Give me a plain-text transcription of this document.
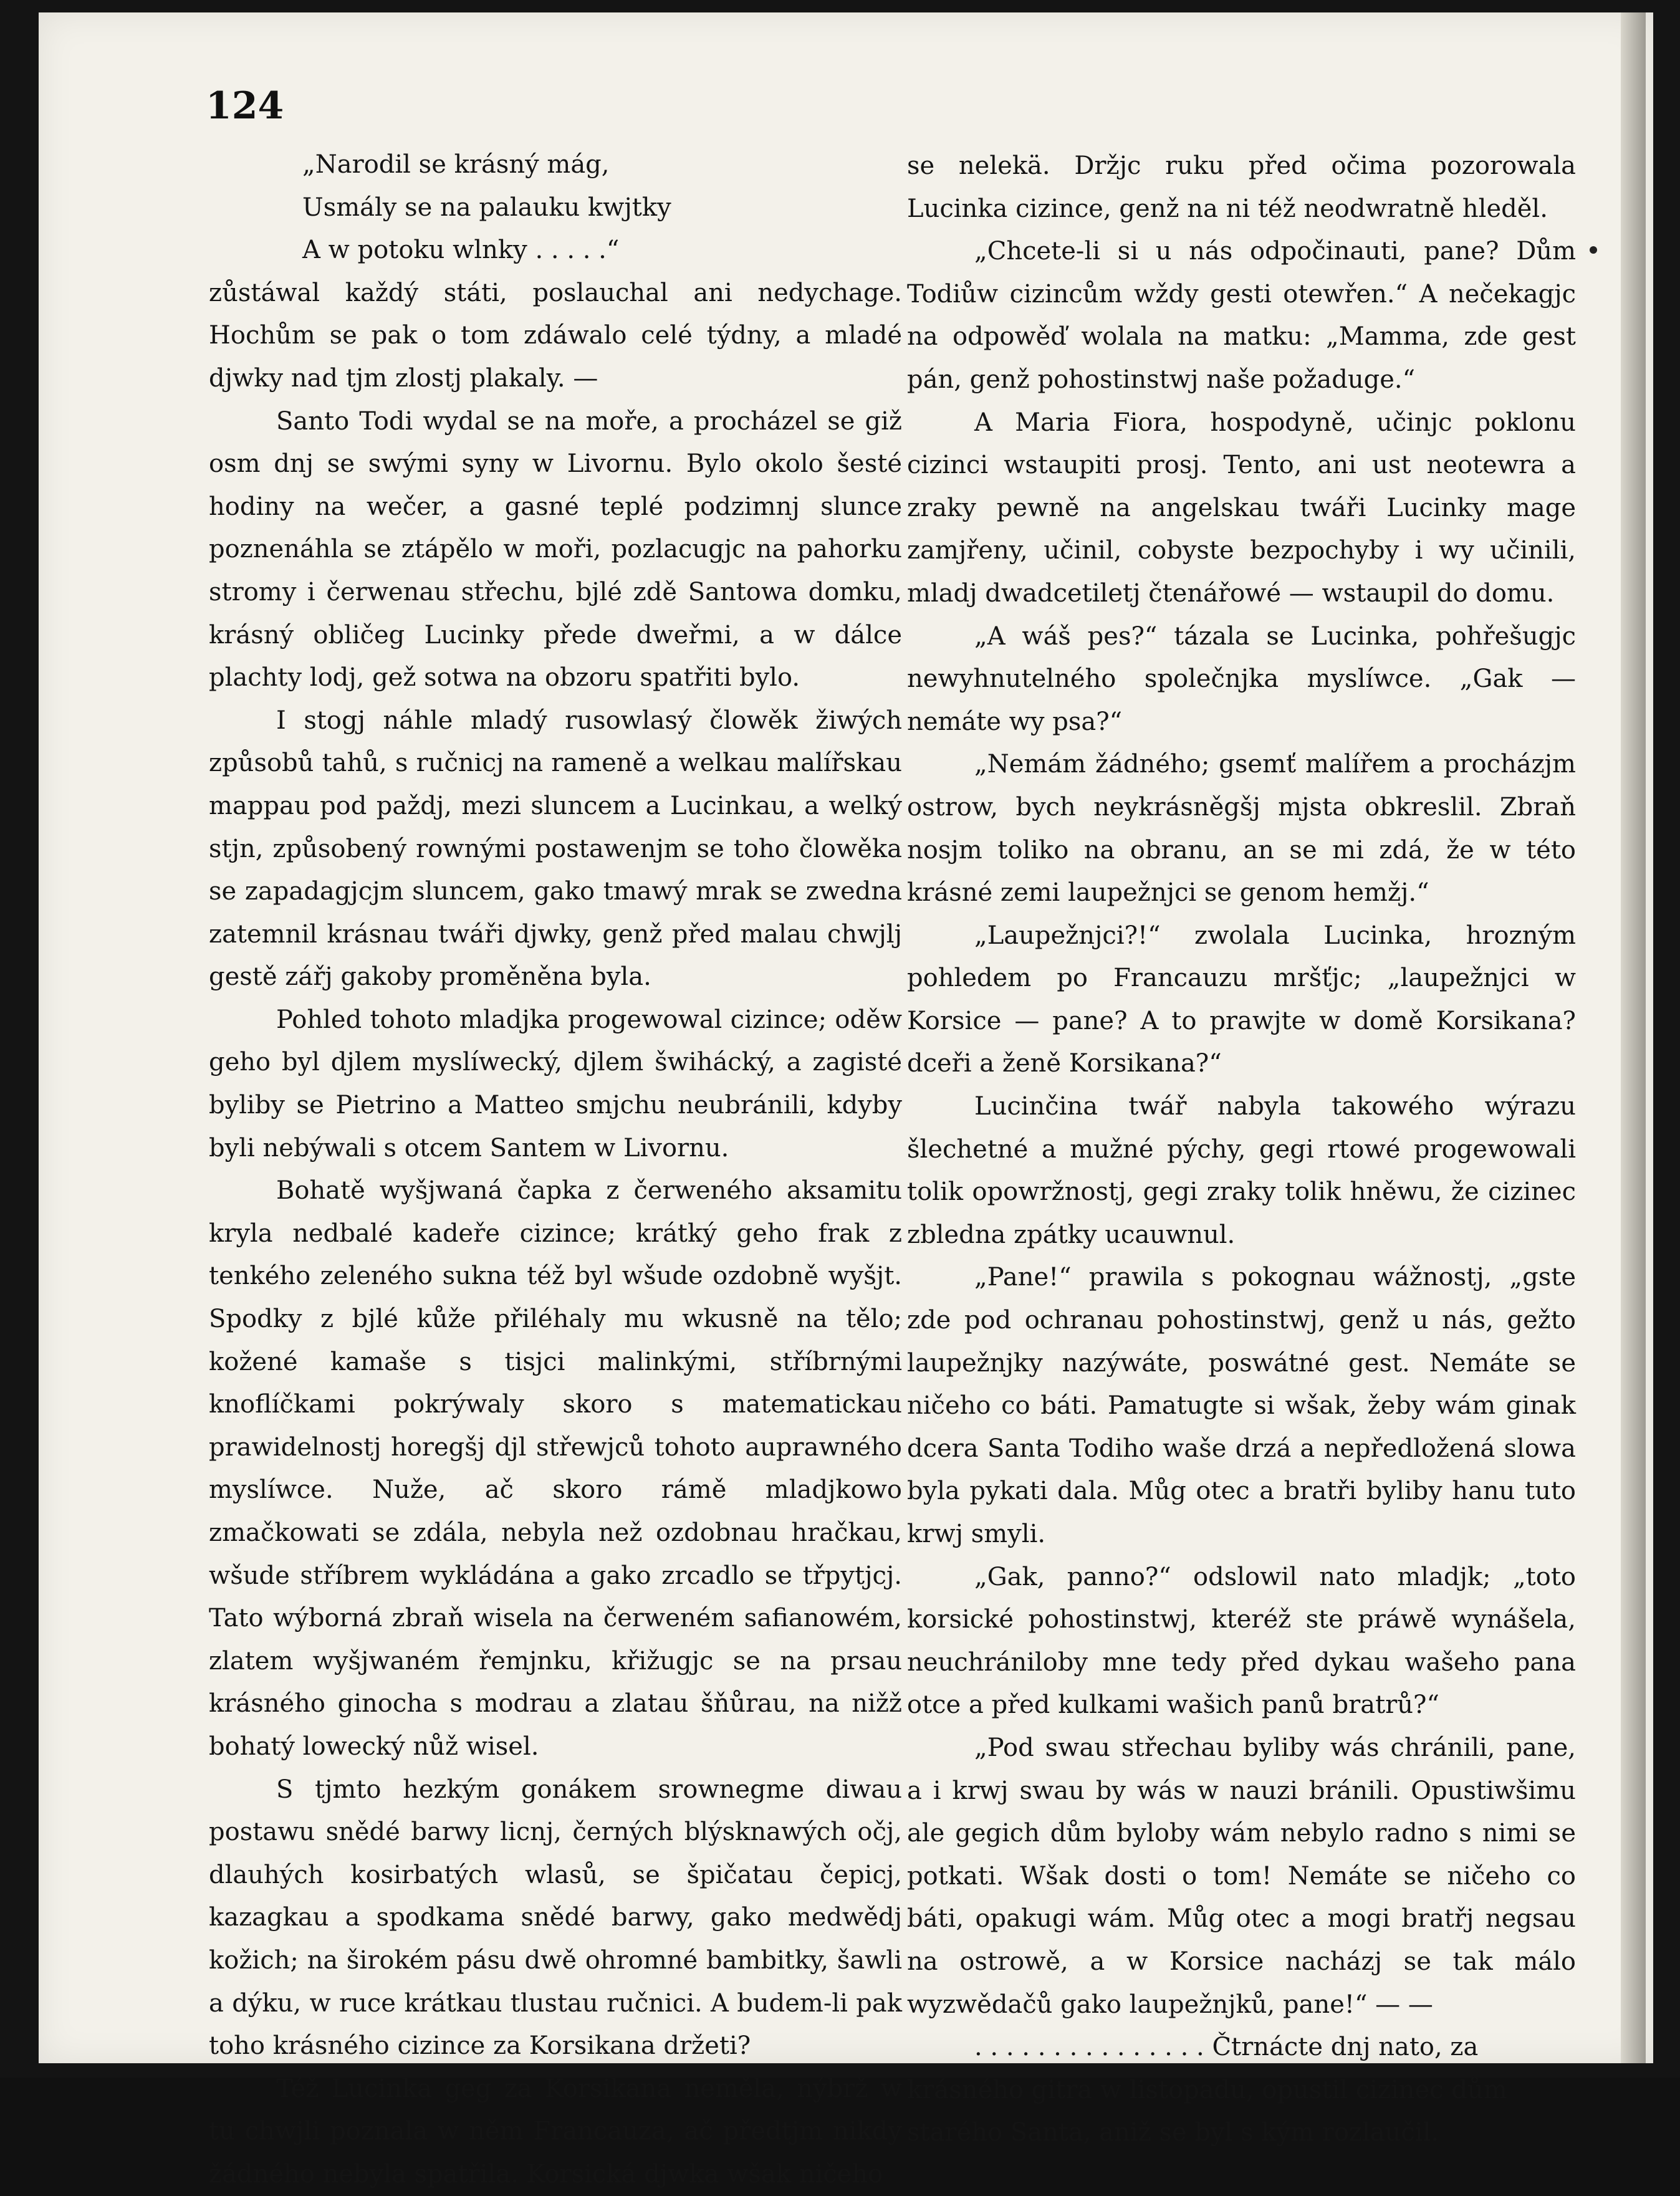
124
„Narodil se krásný mág,
Usmály se na palauku kwjtky
A w potoku wlnky . . . . .“

zůstáwal každý státi, poslauchal ani nedychage. Hochům se pak o tom zdáwalo celé týdny, a mladé djwky nad tjm zlostj plakaly. —

Santo Todi wydal se na moře, a procházel se giž osm dnj se swými syny w Livornu. Bylo okolo šesté hodiny na wečer, a gasné teplé podzimnj slunce poznenáhla se ztápělo w moři, pozlacugjc na pahorku stromy i čerwenau střechu, bjlé zdě Santowa domku, krásný obličeg Lucinky přede dweřmi, a w dálce plachty lodj, gež sotwa na obzoru spatřiti bylo.

I stogj náhle mladý rusowlasý člowěk žiwých způsobů tahů, s ručnicj na rameně a welkau malířskau mappau pod paždj, mezi sluncem a Lucinkau, a welký stjn, způsobený rownými postawenjm se toho člowěka se zapadagjcjm sluncem, gako tmawý mrak se zwedna zatemnil krásnau twáři djwky, genž před malau chwjlj gestě zářj gakoby proměněna byla.

Pohled tohoto mladjka progewowal cizince; oděw geho byl djlem myslíwecký, djlem šwihácký, a zagisté byliby se Pietrino a Matteo smjchu neubránili, kdyby byli nebýwali s otcem Santem w Livornu.

Bohatě wyšjwaná čapka z čerweného aksamitu kryla nedbalé kadeře cizince; krátký geho frak z tenkého zeleného sukna též byl wšude ozdobně wyšjt. Spodky z bjlé kůže přiléhaly mu wkusně na tělo; kožené kamaše s tisjci malinkými, stříbrnými knoflíčkami pokrýwaly skoro s matematickau prawidelnostj horegšj djl střewjců tohoto auprawného myslíwce. Nuže, ač skoro rámě mladjkowo zmačkowati se zdála, nebyla než ozdobnau hračkau, wšude stříbrem wykládána a gako zrcadlo se třpytjcj. Tato wýborná zbraň wisela na čerweném safianowém, zlatem wyšjwaném řemjnku, křižugjc se na prsau krásného ginocha s modrau a zlatau šňůrau, na nižž bohatý lowecký nůž wisel.

S tjmto hezkým gonákem srownegme diwau postawu snědé barwy licnj, černých blýsknawých očj, dlauhých kosirbatých wlasů, se špičatau čepicj, kazagkau a spodkama snědé barwy, gako medwědj kožich; na širokém pásu dwě ohromné bambitky, šawli a dýku, w ruce krátkau tlustau ručnici. A budem-li pak toho krásného cizince za Korsikana držeti?

Též Lucinka geg za Korsikana neměla, nýbrž w tu chwjli poznala w něm Francauza, ač předtjm nikdy žádného nebyla spatřila. Korsická djwka wšak ničeho

se nelekä. Držjc ruku před očima pozorowala Lucinka cizince, genž na ni též neodwratně hleděl.

„Chcete-li si u nás odpočinauti, pane? Dům Todiůw cizincům wždy gesti otewřen.“ A nečekagjc na odpowěď wolala na matku: „Mamma, zde gest pán, genž pohostinstwj naše požaduge.“

A Maria Fiora, hospodyně, učinjc poklonu cizinci wstaupiti prosj. Tento, ani ust neotewra a zraky pewně na angelskau twáři Lucinky mage zamjřeny, učinil, cobyste bezpochyby i wy učinili, mladj dwadcetiletj čtenářowé — wstaupil do domu.

„A wáš pes?“ tázala se Lucinka, pohřešugjc newyhnutelného společnjka myslíwce. „Gak — nemáte wy psa?“

„Nemám žádného; gsemť malířem a procházjm ostrow, bych neykrásněgšj mjsta obkreslil. Zbraň nosjm toliko na obranu, an se mi zdá, že w této krásné zemi laupežnjci se genom hemžj.“

„Laupežnjci?!“ zwolala Lucinka, hrozným pohledem po Francauzu mršťjc; „laupežnjci w Korsice — pane? A to prawjte w domě Korsikana? dceři a ženě Korsikana?“

Lucinčina twář nabyla takowého wýrazu šlechetné a mužné pýchy, gegi rtowé progewowali tolik opowržnostj, gegi zraky tolik hněwu, že cizinec zbledna zpátky ucauwnul.

„Pane!“ prawila s pokognau wážnostj, „gste zde pod ochranau pohostinstwj, genž u nás, gežto laupežnjky nazýwáte, poswátné gest. Nemáte se ničeho co báti. Pamatugte si wšak, žeby wám ginak dcera Santa Todiho waše drzá a nepředložená slowa byla pykati dala. Můg otec a bratři byliby hanu tuto krwj smyli.

„Gak, panno?“ odslowil nato mladjk; „toto korsické pohostinstwj, kteréž ste práwě wynášela, neuchrániloby mne tedy před dykau wašeho pana otce a před kulkami wašich panů bratrů?“

„Pod swau střechau byliby wás chránili, pane, a i krwj swau by wás w nauzi bránili. Opustiwšimu ale gegich dům byloby wám nebylo radno s nimi se potkati. Wšak dosti o tom! Nemáte se ničeho co báti, opakugi wám. Můg otec a mogi bratřj negsau na ostrowě, a w Korsice nacházj se tak málo wyzwědačů gako laupežnjků, pane!“ — —

. . . . . . . . . . . . . . . Čtrnácte dnj nato, za krásného gitra w listopadu, opustil cizinec dům starého Santa, aniž se byl s kým rozlaučil.
